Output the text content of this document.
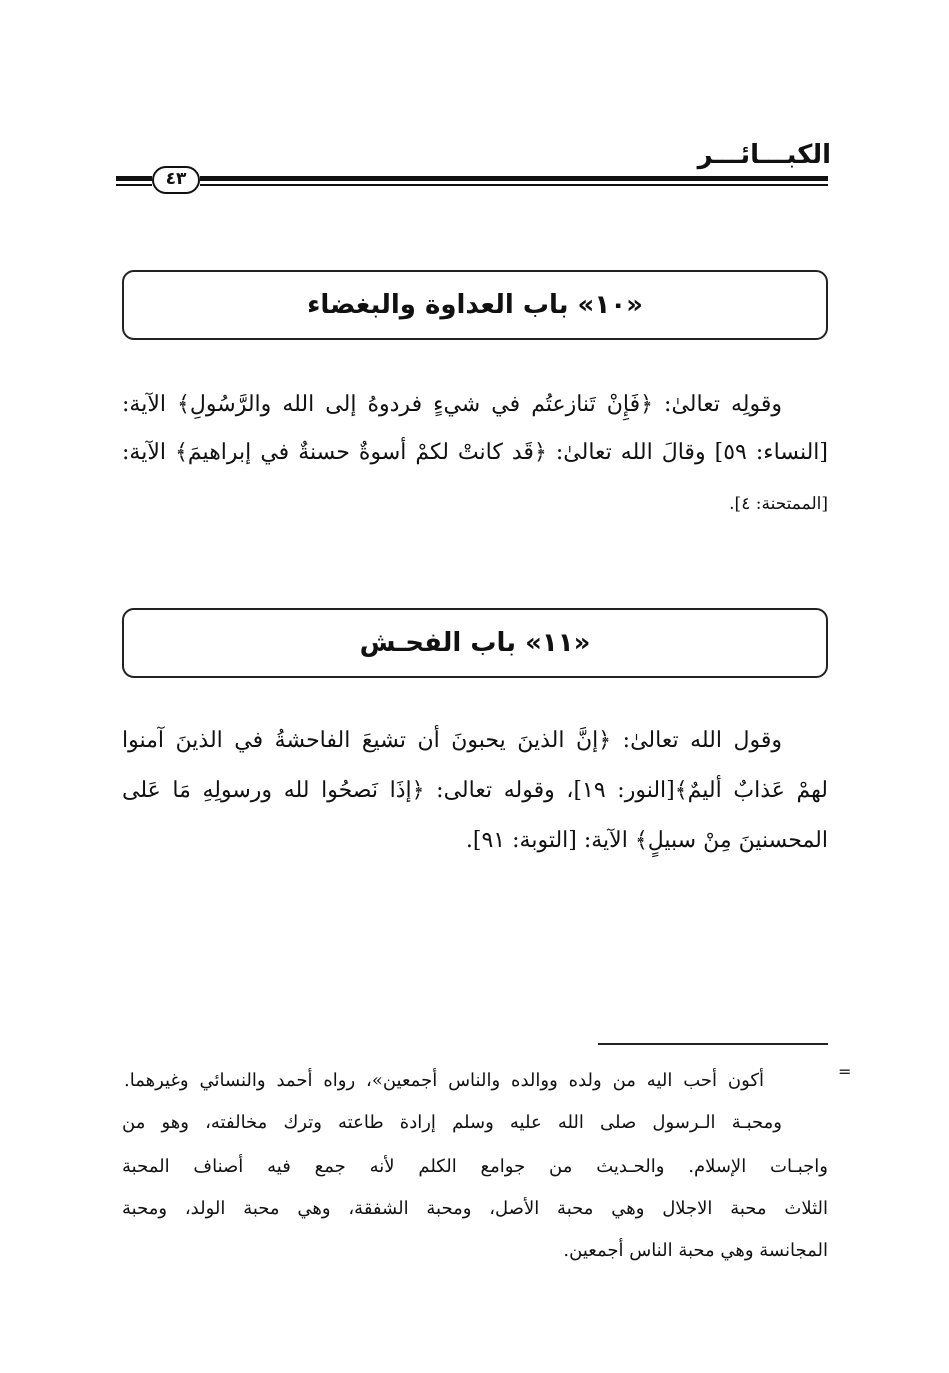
الكبـــائـــر
٤٣
«١٠» باب العداوة والبغضاء
وقولِه تعالىٰ: ﴿فَإِنْ تَنازعتُم في شيءٍ فردوهُ إلى الله والرَّسُولِ﴾ الآية:
[النساء: ٥٩] وقالَ الله تعالىٰ: ﴿قَد كانتْ لكمْ أسوةٌ حسنةٌ في إبراهيمَ﴾ الآية:
[الممتحنة: ٤].
«١١» باب الفحـش
وقول الله تعالىٰ: ﴿إنَّ الذينَ يحبونَ أن تشيعَ الفاحشةُ في الذينَ آمنوا
لهمْ عَذابٌ أليمٌ﴾[النور: ١٩]، وقوله تعالى: ﴿إذَا نَصحُوا لله ورسولِهِ مَا عَلى
المحسنينَ مِنْ سبيلٍ﴾ الآية: [التوبة: ٩١].
=
أكون أحب اليه من ولده ووالده والناس أجمعين»، رواه أحمد والنسائي وغيرهما.
ومحبـة الـرسول صلى الله عليه وسلم إرادة طاعته وترك مخالفته، وهو من
واجبـات الإسلام. والحـديث من جوامع الكلم لأنه جمع فيه أصناف المحبة
الثلاث محبة الاجلال وهي محبة الأصل، ومحبة الشفقة، وهي محبة الولد، ومحبة
المجانسة وهي محبة الناس أجمعين.
